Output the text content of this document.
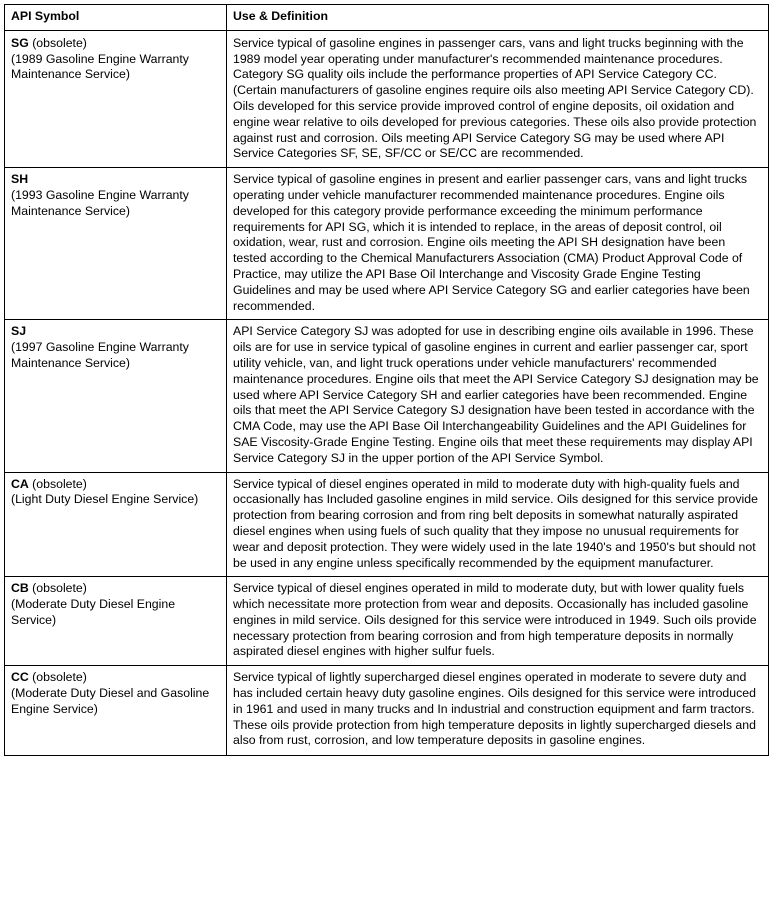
API Symbol	Use & Definition

SG (obsolete)
(1989 Gasoline Engine Warranty Maintenance Service)	Service typical of gasoline engines in passenger cars, vans and light trucks beginning with the 1989 model year operating under manufacturer's recommended maintenance procedures. Category SG quality oils include the performance properties of API Service Category CC. (Certain manufacturers of gasoline engines require oils also meeting API Service Category CD). Oils developed for this service provide improved control of engine deposits, oil oxidation and engine wear relative to oils developed for previous categories. These oils also provide protection against rust and corrosion. Oils meeting API Service Category SG may be used where API Service Categories SF, SE, SF/CC or SE/CC are recommended.

SH
(1993 Gasoline Engine Warranty Maintenance Service)	Service typical of gasoline engines in present and earlier passenger cars, vans and light trucks operating under vehicle manufacturer recommended maintenance procedures. Engine oils developed for this category provide performance exceeding the minimum performance requirements for API SG, which it is intended to replace, in the areas of deposit control, oil oxidation, wear, rust and corrosion. Engine oils meeting the API SH designation have been tested according to the Chemical Manufacturers Association (CMA) Product Approval Code of Practice, may utilize the API Base Oil Interchange and Viscosity Grade Engine Testing Guidelines and may be used where API Service Category SG and earlier categories have been recommended.

SJ
(1997 Gasoline Engine Warranty Maintenance Service)	API Service Category SJ was adopted for use in describing engine oils available in 1996. These oils are for use in service typical of gasoline engines in current and earlier passenger car, sport utility vehicle, van, and light truck operations under vehicle manufacturers' recommended maintenance procedures. Engine oils that meet the API Service Category SJ designation may be used where API Service Category SH and earlier categories have been recommended. Engine oils that meet the API Service Category SJ designation have been tested in accordance with the CMA Code, may use the API Base Oil Interchangeability Guidelines and the API Guidelines for SAE Viscosity-Grade Engine Testing. Engine oils that meet these requirements may display API Service Category SJ in the upper portion of the API Service Symbol.

CA (obsolete)
(Light Duty Diesel Engine Service)	Service typical of diesel engines operated in mild to moderate duty with high-quality fuels and occasionally has Included gasoline engines in mild service. Oils designed for this service provide protection from bearing corrosion and from ring belt deposits in somewhat naturally aspirated diesel engines when using fuels of such quality that they impose no unusual requirements for wear and deposit protection. They were widely used in the late 1940's and 1950's but should not be used in any engine unless specifically recommended by the equipment manufacturer.

CB (obsolete)
(Moderate Duty Diesel Engine Service)	Service typical of diesel engines operated in mild to moderate duty, but with lower quality fuels which necessitate more protection from wear and deposits. Occasionally has included gasoline engines in mild service. Oils designed for this service were introduced in 1949. Such oils provide necessary protection from bearing corrosion and from high temperature deposits in normally aspirated diesel engines with higher sulfur fuels.

CC (obsolete)
(Moderate Duty Diesel and Gasoline Engine Service)	Service typical of lightly supercharged diesel engines operated in moderate to severe duty and has included certain heavy duty gasoline engines. Oils designed for this service were introduced in 1961 and used in many trucks and In industrial and construction equipment and farm tractors. These oils provide protection from high temperature deposits in lightly supercharged diesels and also from rust, corrosion, and low temperature deposits in gasoline engines.
